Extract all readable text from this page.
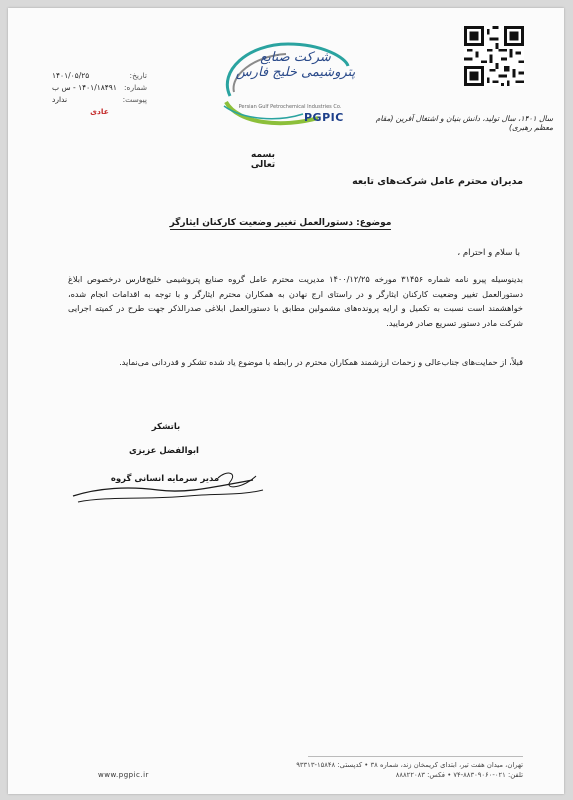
تاریخ:
۱۴۰۱/۰۵/۲۵
شماره:
۱۴۰۱/۱۸۴۹۱ - س ب
پیوست:
ندارد
عادی
شرکت صنایع پتروشیمی خلیج فارس
Persian Gulf Petrochemical Industries Co.
PGPIC	سال ۱۴۰۱، سال تولید، دانش بنیان و اشتغال آفرین (مقام معظم رهبری)
بسمه تعالی
مدیران محترم عامل شرکت‌های تابعه
موضوع: دستورالعمل تغییر وضعیت کارکنان ایثارگر
با سلام و احترام ،
بدینوسیله پیرو نامه شماره ۳۱۴۵۶ مورخه ۱۴۰۰/۱۲/۲۵ مدیریت محترم عامل گروه صنایع پتروشیمی خلیج‌فارس درخصوص ابلاغ دستورالعمل تغییر وضعیت کارکنان ایثارگر و در راستای ارج نهادن به همکاران محترم ایثارگر و با توجه به اقدامات انجام شده، خواهشمند است نسبت به تکمیل و ارایه پرونده‌های مشمولین مطابق با دستورالعمل ابلاغی صدرالذکر جهت طرح در کمیته اجرایی شرکت مادر دستور تسریع صادر فرمایید.
قبلاً، از حمایت‌های جناب‌عالی و زحمات ارزشمند همکاران محترم در رابطه با موضوع یاد شده تشکر و قدردانی می‌نماید.
باتشکر
ابوالفضل عزیزی
مدیر سرمایه انسانی گروه
تهران، میدان هفت تیر، ابتدای کریمخان زند، شماره ۳۸ • کدپستی: ۱۵۸۴۸-۹۳۳۱۳
تلفن: ۰۲۱-۸۸۳۰۹۰۶۰-۷۴ • فکس: ۸۸۸۲۲۰۸۳
www.pgpic.ir
